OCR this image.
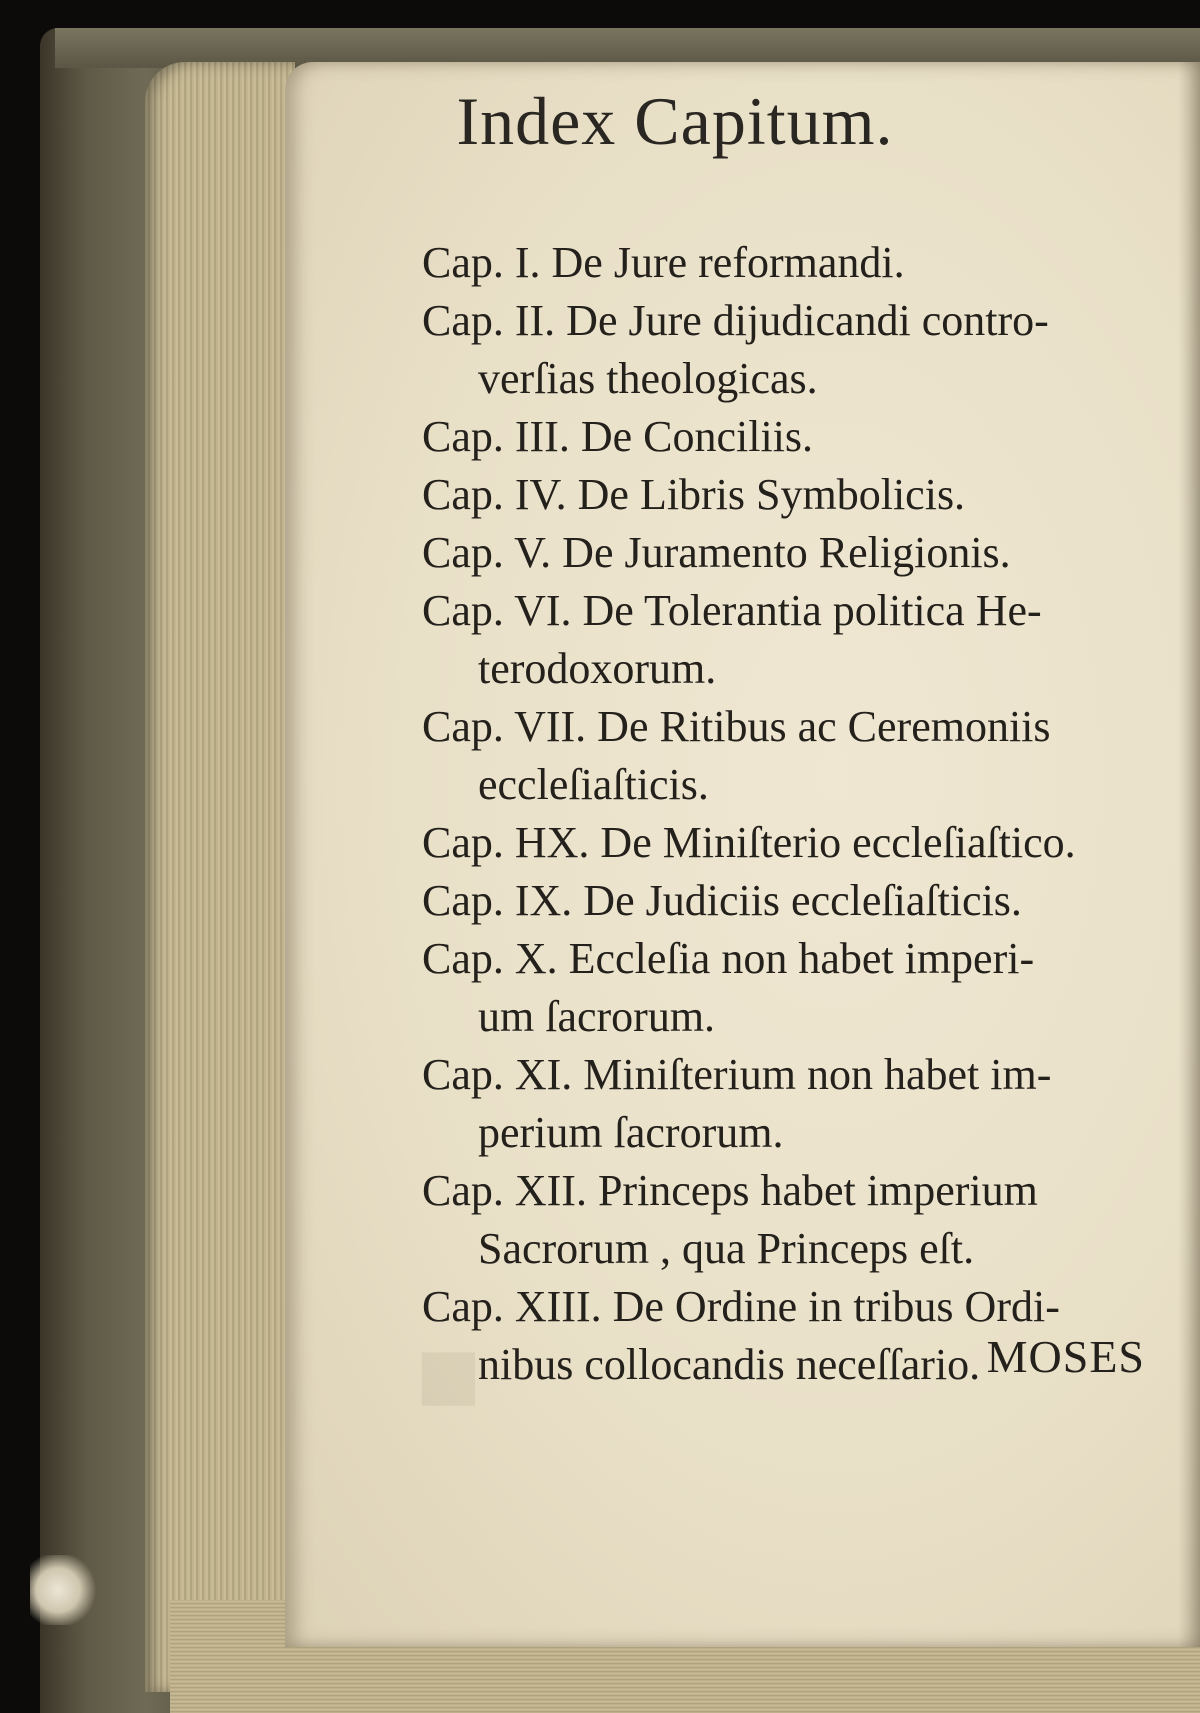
■
Index Capitum.
Cap. I. De Jure reformandi.
Cap. II. De Jure dijudicandi contro-
verſias theologicas.
Cap. III. De Conciliis.
Cap. IV. De Libris Symbolicis.
Cap. V. De Juramento Religionis.
Cap. VI. De Tolerantia politica He-
terodoxorum.
Cap. VII. De Ritibus ac Ceremoniis
eccleſiaſticis.
Cap. HX. De Miniſterio eccleſiaſtico.
Cap. IX. De Judiciis eccleſiaſticis.
Cap. X. Eccleſia non habet imperi-
um ſacrorum.
Cap. XI. Miniſterium non habet im-
perium ſacrorum.
Cap. XII. Princeps habet imperium
Sacrorum , qua Princeps eſt.
Cap. XIII. De Ordine in tribus Ordi-
nibus collocandis neceſſario. MOSES
